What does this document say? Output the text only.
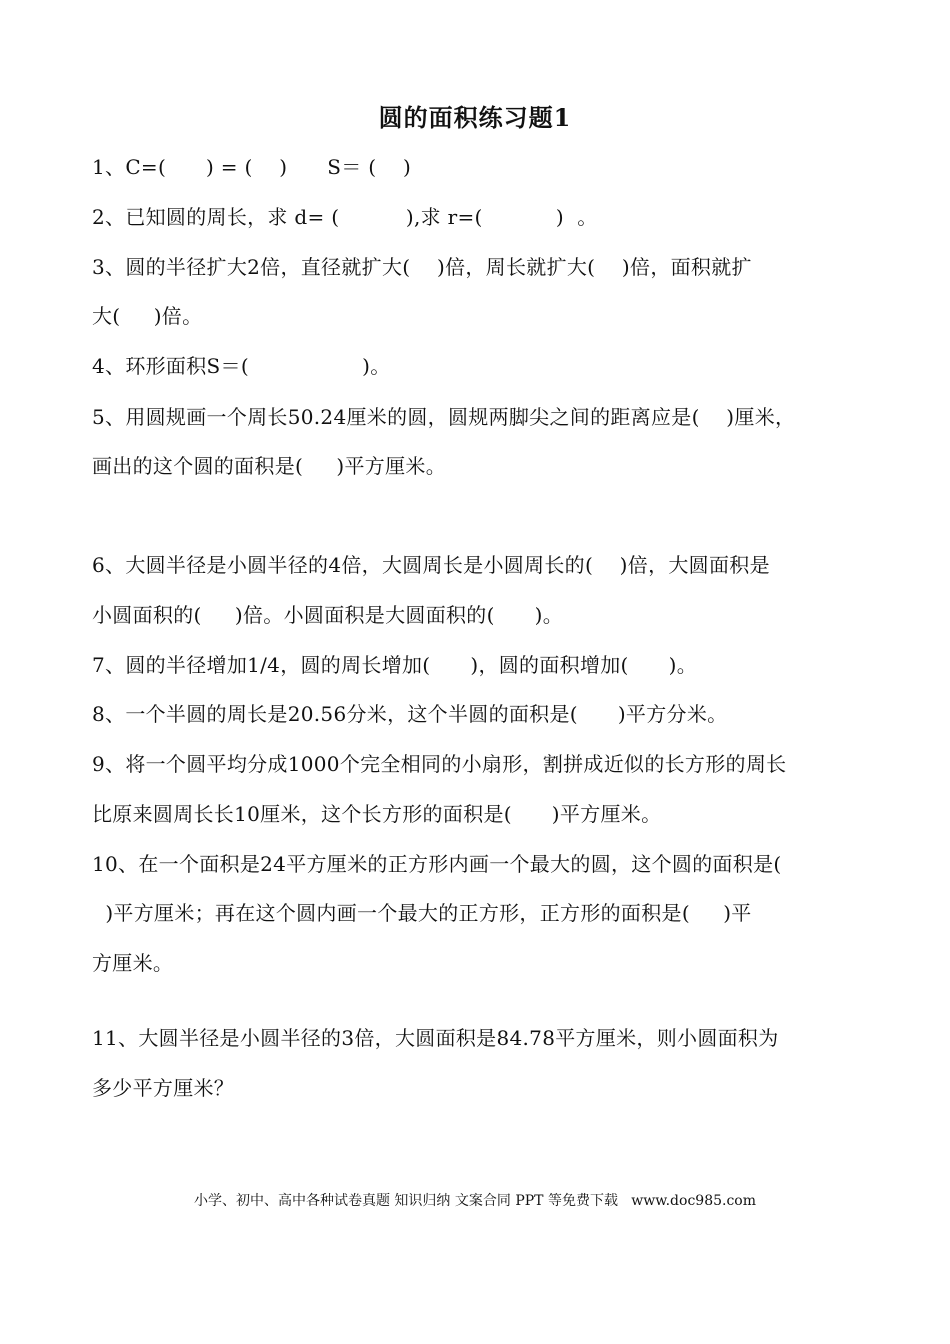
圆的面积练习题1
1、C=(      ) = (    )      S＝ (    )
2、已知圆的周长，求 d= (          ),求 r=(           )  。
3、圆的半径扩大2倍，直径就扩大(    )倍，周长就扩大(    )倍，面积就扩
大(     )倍。
4、环形面积S＝(                 )。
5、用圆规画一个周长50.24厘米的圆，圆规两脚尖之间的距离应是(    )厘米，
画出的这个圆的面积是(     )平方厘米。
6、大圆半径是小圆半径的4倍，大圆周长是小圆周长的(    )倍，大圆面积是
小圆面积的(     )倍。小圆面积是大圆面积的(      )。
7、圆的半径增加1/4，圆的周长增加(      )，圆的面积增加(      )。
8、一个半圆的周长是20.56分米，这个半圆的面积是(      )平方分米。
9、将一个圆平均分成1000个完全相同的小扇形，割拼成近似的长方形的周长
比原来圆周长长10厘米，这个长方形的面积是(      )平方厘米。
10、在一个面积是24平方厘米的正方形内画一个最大的圆，这个圆的面积是(
)平方厘米；再在这个圆内画一个最大的正方形，正方形的面积是(     )平
方厘米。
11、大圆半径是小圆半径的3倍，大圆面积是84.78平方厘米，则小圆面积为
多少平方厘米？
小学、初中、高中各种试卷真题 知识归纳 文案合同 PPT 等免费下载   www.doc985.com
